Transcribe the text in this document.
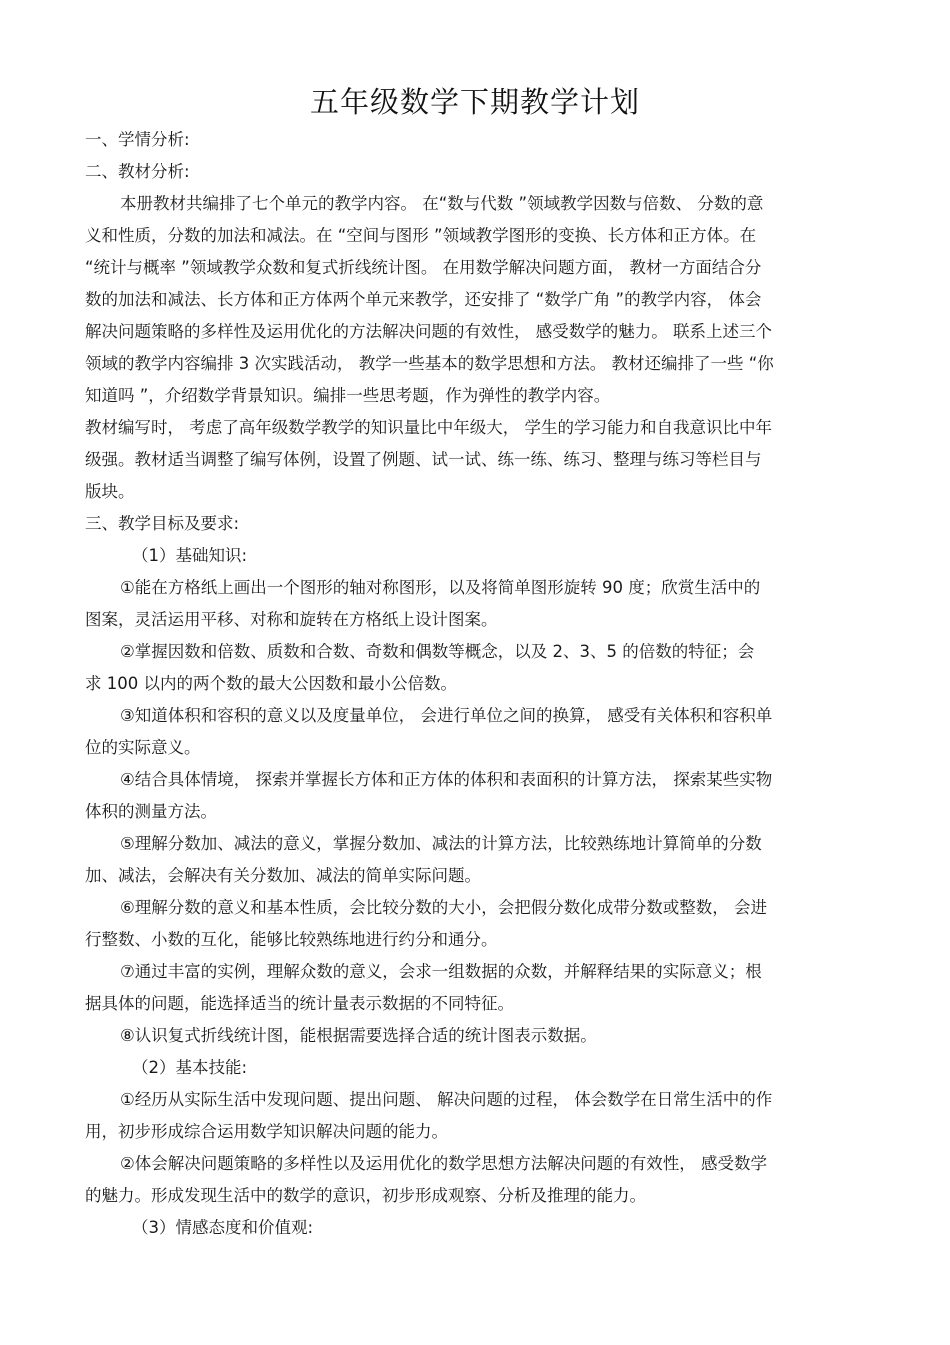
五年级数学下期教学计划
一、学情分析:
二、教材分析:
本册教材共编排了七个单元的教学内容。 在“数与代数 ”领域教学因数与倍数、 分数的意
义和性质，分数的加法和减法。在 “空间与图形 ”领域教学图形的变换、长方体和正方体。在
“统计与概率 ”领域教学众数和复式折线统计图。 在用数学解决问题方面， 教材一方面结合分
数的加法和减法、长方体和正方体两个单元来教学，还安排了 “数学广角 ”的教学内容， 体会
解决问题策略的多样性及运用优化的方法解决问题的有效性， 感受数学的魅力。 联系上述三个
领域的教学内容编排 3 次实践活动， 教学一些基本的数学思想和方法。 教材还编排了一些 “你
知道吗 ”，介绍数学背景知识。编排一些思考题，作为弹性的教学内容。
教材编写时， 考虑了高年级数学教学的知识量比中年级大， 学生的学习能力和自我意识比中年
级强。教材适当调整了编写体例，设置了例题、试一试、练一练、练习、整理与练习等栏目与
版块。
三、教学目标及要求:
（1）基础知识:
①能在方格纸上画出一个图形的轴对称图形，以及将简单图形旋转 90 度；欣赏生活中的
图案，灵活运用平移、对称和旋转在方格纸上设计图案。
②掌握因数和倍数、质数和合数、奇数和偶数等概念，以及 2、3、5 的倍数的特征；会
求 100 以内的两个数的最大公因数和最小公倍数。
③知道体积和容积的意义以及度量单位， 会进行单位之间的换算， 感受有关体积和容积单
位的实际意义。
④结合具体情境， 探索并掌握长方体和正方体的体积和表面积的计算方法， 探索某些实物
体积的测量方法。
⑤理解分数加、减法的意义，掌握分数加、减法的计算方法，比较熟练地计算简单的分数
加、减法，会解决有关分数加、减法的简单实际问题。
⑥理解分数的意义和基本性质，会比较分数的大小，会把假分数化成带分数或整数， 会进
行整数、小数的互化，能够比较熟练地进行约分和通分。
⑦通过丰富的实例，理解众数的意义，会求一组数据的众数，并解释结果的实际意义；根
据具体的问题，能选择适当的统计量表示数据的不同特征。
⑧认识复式折线统计图，能根据需要选择合适的统计图表示数据。
（2）基本技能:
①经历从实际生活中发现问题、提出问题、 解决问题的过程， 体会数学在日常生活中的作
用，初步形成综合运用数学知识解决问题的能力。
②体会解决问题策略的多样性以及运用优化的数学思想方法解决问题的有效性， 感受数学
的魅力。形成发现生活中的数学的意识，初步形成观察、分析及推理的能力。
（3）情感态度和价值观:
